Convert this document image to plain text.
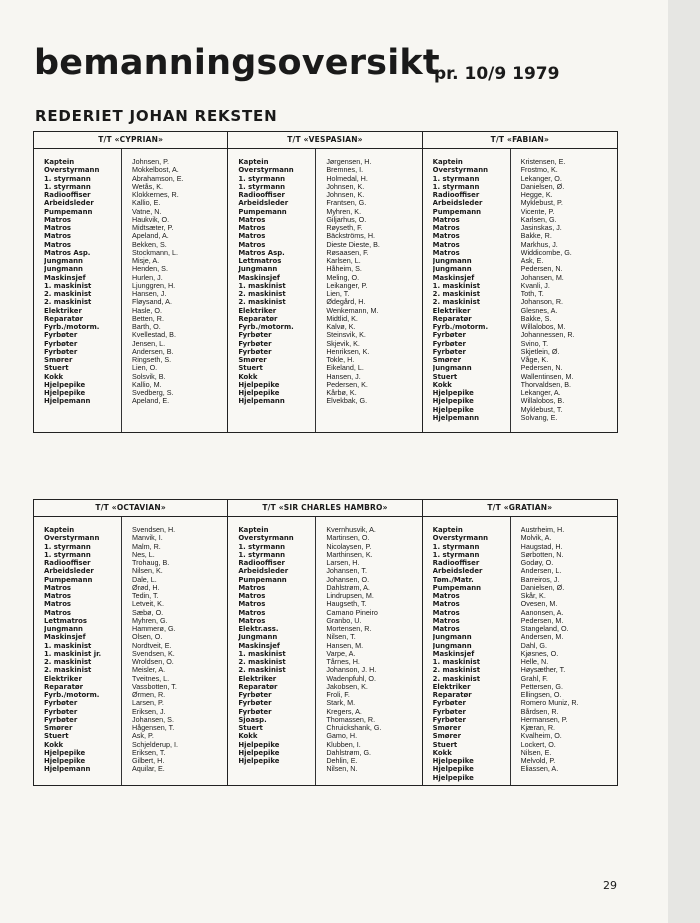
bemanningsoversikt
pr. 10/9 1979
REDERIET JOHAN REKSTEN
T/T «CYPRIAN»
Kaptein
Overstyrmann
1. styrmann
1. styrmann
Radiooffiser
Arbeidsleder
Pumpemann
Matros
Matros
Matros
Matros
Matros Asp.
Jungmann
Jungmann
Maskinsjef
1. maskinist
2. maskinist
2. maskinist
Elektriker
Reparatør
Fyrb./motorm.
Fyrbøter
Fyrbøter
Fyrbøter
Smører
Stuert
Kokk
Hjelpepike
Hjelpepike
Hjelpemann
Johnsen, P.
Mokkelbost, A.
Abrahamson, E.
Wetås, K.
Klokkernes, R.
Kallio, E.
Vatne, N.
Haukvik, O.
Midtsæter, P.
Apeland, A.
Bekken, S.
Stockmann, L.
Misje, A.
Henden, S.
Hurlen, J.
Ljunggren, H.
Hansen, J.
Fløysand, A.
Hasle, O.
Betten, R.
Barth, O.
Kvellestad, B.
Jensen, L.
Andersen, B.
Ringseth, S.
Lien, O.
Solsvik, B.
Kallio, M.
Svedberg, S.
Apeland, E.
T/T «VESPASIAN»
Kaptein
Overstyrmann
1. styrmann
1. styrmann
Radiooffiser
Arbeidsleder
Pumpemann
Matros
Matros
Matros
Matros
Matros Asp.
Lettmatros
Jungmann
Maskinsjef
1. maskinist
2. maskinist
2. maskinist
Elektriker
Reparatør
Fyrb./motorm.
Fyrbøter
Fyrbøter
Fyrbøter
Smører
Stuert
Kokk
Hjelpepike
Hjelpepike
Hjelpemann
Jørgensen, H.
Bremnes, I.
Holmedal, H.
Johnsen, K.
Johnsen, K.
Frantsen, G.
Myhren, K.
Giljarhus, O.
Røyseth, F.
Bäckströms, H.
Dieste Dieste, B.
Røsaasen, F.
Karlsen, L.
Håheim, S.
Meling, O.
Leikanger, P.
Lien, T.
Ødegård, H.
Wenkemann, M.
Midtlid, K.
Kalvø, K.
Steinsvik, K.
Skjevik, K.
Henriksen, K.
Tokle, H.
Eikeland, L.
Hansen, J.
Pedersen, K.
Kårbø, K.
Elvekbak, G.
T/T «FABIAN»
Kaptein
Overstyrmann
1. styrmann
1. styrmann
Radiooffiser
Arbeidsleder
Pumpemann
Matros
Matros
Matros
Matros
Matros
Jungmann
Jungmann
Maskinsjef
1. maskinist
2. maskinist
2. maskinist
Elektriker
Reparatør
Fyrb./motorm.
Fyrbøter
Fyrbøter
Fyrbøter
Smører
Jungmann
Stuert
Kokk
Hjelpepike
Hjelpepike
Hjelpepike
Hjelpemann
Kristensen, E.
Frostmo, K.
Lekanger, O.
Danielsen, Ø.
Hegge, K.
Myklebust, P.
Vicente, P.
Karlsen, G.
Jasinskas, J.
Bakke, R.
Markhus, J.
Widdicombe, G.
Ask, E.
Pedersen, N.
Johansen, M.
Kvanli, J.
Toth, T.
Johanson, R.
Glesnes, A.
Bakke, S.
Willalobos, M.
Johannessen, R.
Svino, T.
Skjetlein, Ø.
Våge, K.
Pedersen, N.
Wallentinsen, M.
Thorvaldsen, B.
Lekanger, A.
Willalobos, B.
Myklebust, T.
Solvang, E.
T/T «OCTAVIAN»
Kaptein
Overstyrmann
1. styrmann
1. styrmann
Radiooffiser
Arbeidsleder
Pumpemann
Matros
Matros
Matros
Matros
Lettmatros
Jungmann
Maskinsjef
1. maskinist
1. maskinist jr.
2. maskinist
2. maskinist
Elektriker
Reparatør
Fyrb./motorm.
Fyrbøter
Fyrbøter
Fyrbøter
Smører
Stuert
Kokk
Hjelpepike
Hjelpepike
Hjelpemann
Svendsen, H.
Manvik, I.
Malm, R.
Nes, L.
Trohaug, B.
Nilsen, K.
Dale, L.
Ørød, H.
Tedin, T.
Letveit, K.
Sæbø, O.
Myhren, G.
Hammerø, G.
Olsen, O.
Nordtveit, E.
Svendsen, K.
Wroldsen, O.
Meisler, A.
Tveitnes, L.
Vassbotten, T.
Ørmen, R.
Larsen, P.
Eriksen, J.
Johansen, S.
Hågensen, T.
Ask, P.
Schjelderup, I.
Eriksen, T.
Gilbert, H.
Aquilar, E.
T/T «SIR CHARLES HAMBRO»
Kaptein
Overstyrmann
1. styrmann
1. styrmann
Radiooffiser
Arbeidsleder
Pumpemann
Matros
Matros
Matros
Matros
Matros
Elektr.ass.
Jungmann
Maskinsjef
1. maskinist
2. maskinist
2. maskinist
Elektriker
Reparatør
Fyrbøter
Fyrbøter
Fyrbøter
Sjoasp.
Stuert
Kokk
Hjelpepike
Hjelpepike
Hjelpepike
Kvernhusvik, A.
Martinsen, O.
Nicolaysen, P.
Marthinsen, K.
Larsen, H.
Johansen, T.
Johansen, O.
Dahlstrøm, A.
Lindrupsen, M.
Haugseth, T.
Camano Pineiro
Granbo, U.
Mortensen, R.
Nilsen, T.
Hansen, M.
Varpe, A.
Tårnes, H.
Johanson, J. H.
Wadenpfuhl, O.
Jakobsen, K.
Froli, F.
Stark, M.
Kregers, A.
Thomassen, R.
Chruickshank, G.
Gamo, H.
Klubben, I.
Dahlstrøm, G.
Dehlin, E.
Nilsen, N.
T/T «GRATIAN»
Kaptein
Overstyrmann
1. styrmann
1. styrmann
Radiooffiser
Arbeidsleder
Tøm./Matr.
Pumpemann
Matros
Matros
Matros
Matros
Matros
Jungmann
Jungmann
Maskinsjef
1. maskinist
2. maskinist
2. maskinist
Elektriker
Reparatør
Fyrbøter
Fyrbøter
Fyrbøter
Smører
Smører
Stuert
Kokk
Hjelpepike
Hjelpepike
Hjelpepike
Austrheim, H.
Molvik, A.
Haugstad, H.
Sørbotten, N.
Godøy, O.
Andersen, L.
Barreiros, J.
Danielsen, Ø.
Skår, K.
Ovesen, M.
Aanonsen, A.
Pedersen, M.
Stangeland, O.
Andersen, M.
Dahl, G.
Kjøsnes, O.
Helle, N.
Høysæther, T.
Grahl, F.
Pettersen, G.
Ellingsen, O.
Romero Muniz, R.
Bårdsen, R.
Hermansen, P.
Kjæran, R.
Kvalheim, O.
Lockert, O.
Nilsen, E.
Melvold, P.
Eliassen, A.
29
